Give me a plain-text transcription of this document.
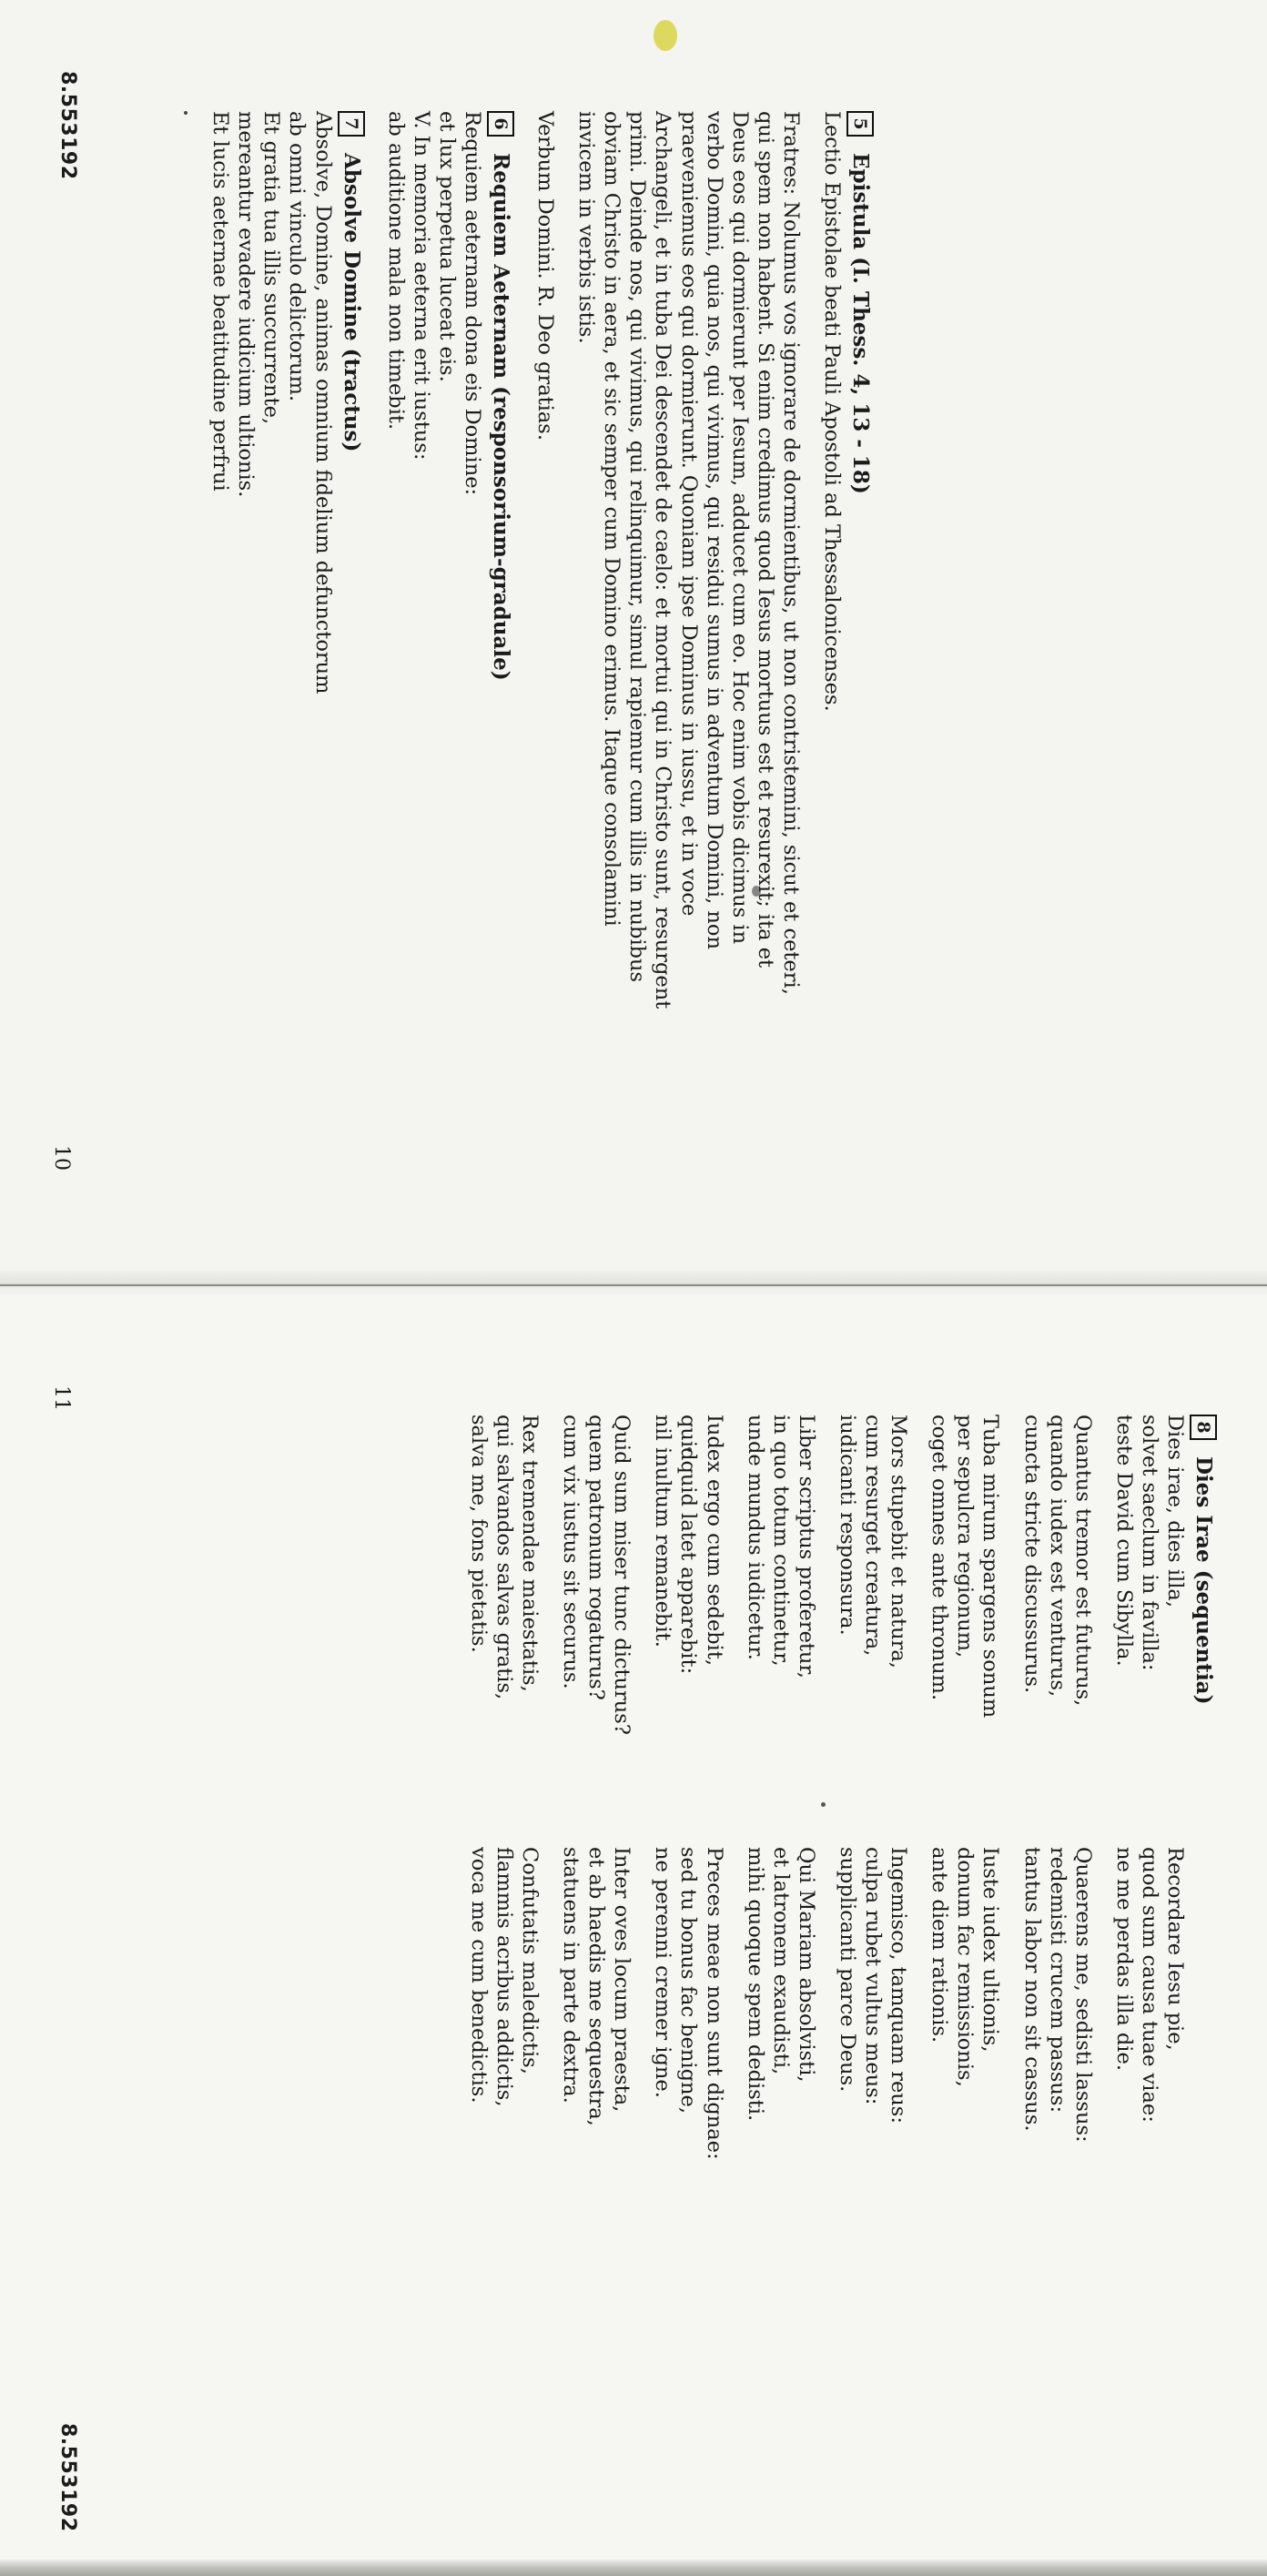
5
Epistula (I. Thess. 4, 13 - 18)
Lectio Epistolae beati Pauli Apostoli ad Thessalonicenses.
Fratres: Nolumus vos ignorare de dormientibus, ut non contristemini, sicut et ceteri,
qui spem non habent. Si enim credimus quod Iesus mortuus est et resurexit; ita et
Deus eos qui dormierunt per Iesum, adducet cum eo. Hoc enim vobis dicimus in
verbo Domini, quia nos, qui vivimus, qui residui sumus in adventum Domini, non
praeveniemus eos qui dormierunt. Quoniam ipse Dominus in iussu, et in voce
Archangeli, et in tuba Dei descendet de caelo: et mortui qui in Christo sunt, resurgent
primi. Deinde nos, qui vivimus, qui relinquimur, simul rapiemur cum illis in nubibus
obviam Christo in aera, et sic semper cum Domino erimus. Itaque consolamini
invicem in verbis istis.
Verbum Domini. R. Deo gratias.
6
Requiem Aeternam (responsorium-graduale)
Requiem aeternam dona eis Domine:
et lux perpetua luceat eis.
V. In memoria aeterna erit iustus:
ab auditione mala non timebit.
7
Absolve Domine (tractus)
Absolve, Domine, animas omnium fidelium defunctorum
ab omni vinculo delictorum.
Et gratia tua illis succurrente,
mereantur evadere iudicium ultionis.
Et lucis aeternae beatitudine perfrui
8.553192
10
8
Dies Irae (sequentia)
Dies irae, dies illa,
solvet saeclum in favilla:
teste David cum Sibylla.
Quantus tremor est futurus,
quando iudex est venturus,
cuncta stricte discussurus.
Tuba mirum spargens sonum
per sepulcra regionum,
coget omnes ante thronum.
Mors stupebit et natura,
cum resurget creatura,
iudicanti responsura.
Liber scriptus proferetur,
in quo totum continetur,
unde mundus iudicetur.
Iudex ergo cum sedebit,
quidquid latet apparebit:
nil inultum remanebit.
Quid sum miser tunc dicturus?
quem patronum rogaturus?
cum vix iustus sit securus.
Rex tremendae maiestatis,
qui salvandos salvas gratis,
salva me, fons pietatis.
Recordare Iesu pie,
quod sum causa tuae viae:
ne me perdas illa die.
Quaerens me, sedisti lassus:
redemisti crucem passus:
tantus labor non sit cassus.
Iuste iudex ultionis,
donum fac remissionis,
ante diem rationis.
Ingemisco, tamquam reus:
culpa rubet vultus meus:
supplicanti parce Deus.
Qui Mariam absolvisti,
et latronem exaudisti,
mihi quoque spem dedisti.
Preces meae non sunt dignae:
sed tu bonus fac benigne,
ne perenni cremer igne.
Inter oves locum praesta,
et ab haedis me sequestra,
statuens in parte dextra.
Confutatis maledictis,
flammis acribus addictis,
voca me cum benedictis.
11
8.553192
